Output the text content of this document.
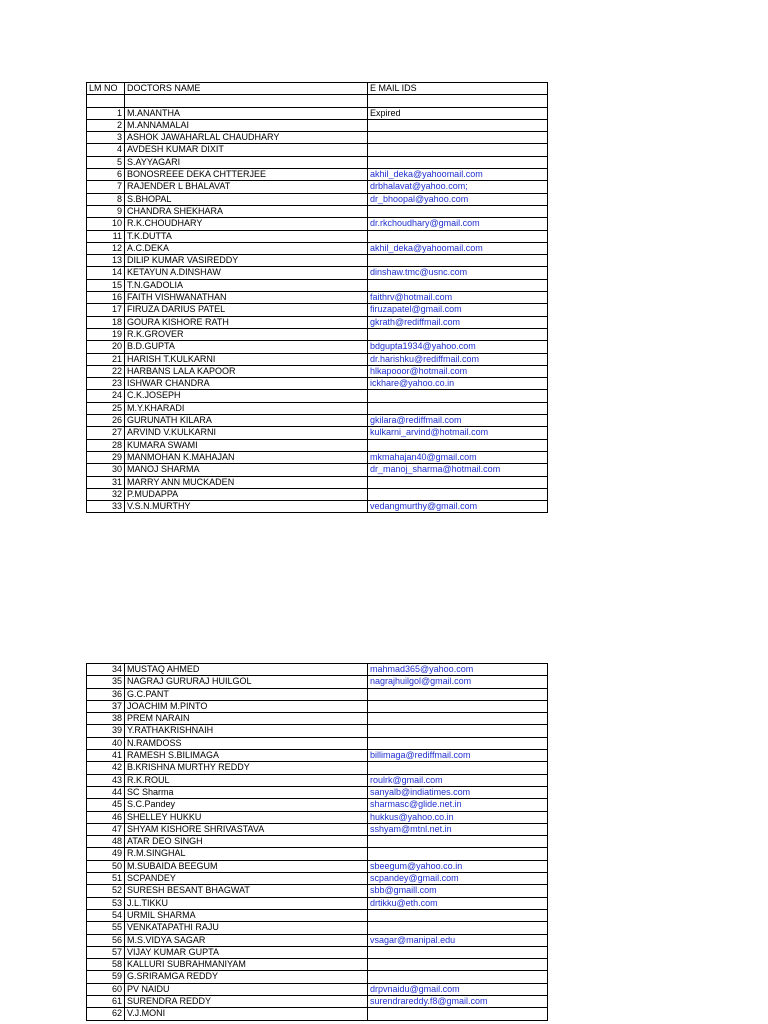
LM NO	DOCTORS NAME	E MAIL IDS

1	M.ANANTHA	Expired
2	M.ANNAMALAI	
3	ASHOK JAWAHARLAL CHAUDHARY	
4	AVDESH KUMAR DIXIT	
5	S.AYYAGARI	
6	BONOSREEE DEKA CHTTERJEE	akhil_deka@yahoomail.com
7	RAJENDER L BHALAVAT	drbhalavat@yahoo.com;
8	S.BHOPAL	dr_bhoopal@yahoo.com
9	CHANDRA SHEKHARA	
10	R.K.CHOUDHARY	dr.rkchoudhary@gmail.com
11	T.K.DUTTA	
12	A.C.DEKA	akhil_deka@yahoomail.com
13	DILIP KUMAR VASIREDDY	
14	KETAYUN A.DINSHAW	dinshaw.tmc@usnc.com
15	T.N.GADOLIA	
16	FAITH VISHWANATHAN	faithrv@hotmail.com
17	FIRUZA DARIUS PATEL	firuzapatel@gmail.com
18	GOURA KISHORE RATH	gkrath@rediffmail.com
19	R.K.GROVER	
20	B.D.GUPTA	bdgupta1934@yahoo.com
21	HARISH T.KULKARNI	dr.harishku@rediffmail.com
22	HARBANS LALA KAPOOR	hlkapooor@hotmail.com
23	ISHWAR CHANDRA	ickhare@yahoo.co.in
24	C.K.JOSEPH	
25	M.Y.KHARADI	
26	GURUNATH KILARA	gkilara@rediffmail.com
27	ARVIND V.KULKARNI	kulkarni_arvind@hotmail.com
28	KUMARA SWAMI	
29	MANMOHAN K.MAHAJAN	mkmahajan40@gmail.com
30	MANOJ SHARMA	dr_manoj_sharma@hotmail.com
31	MARRY ANN MUCKADEN	
32	P.MUDAPPA	
33	V.S.N.MURTHY	vedangmurthy@gmail.com
34	MUSTAQ AHMED	mahmad365@yahoo.com
35	NAGRAJ GURURAJ HUILGOL	nagrajhuilgol@gmail.com
36	G.C.PANT	
37	JOACHIM M.PINTO	
38	PREM NARAIN	
39	Y.RATHAKRISHNAIH	
40	N.RAMDOSS	
41	RAMESH S.BILIMAGA	billimaga@rediffmail.com
42	B.KRISHNA MURTHY REDDY	
43	R.K.ROUL	roulrk@gmail.com
44	SC Sharma	sanyalb@indiatimes.com
45	S.C.Pandey	sharmasc@glide.net.in
46	SHELLEY HUKKU	hukkus@yahoo.co.in
47	SHYAM KISHORE SHRIVASTAVA	sshyam@mtnl.net.in
48	ATAR DEO SINGH	
49	R.M.SINGHAL	
50	M.SUBAIDA BEEGUM	sbeegum@yahoo.co.in
51	SCPANDEY	scpandey@gmail.com
52	SURESH BESANT BHAGWAT	sbb@gmaill.com
53	J.L.TIKKU	drtikku@eth.com
54	URMIL SHARMA	
55	VENKATAPATHI RAJU	
56	M.S.VIDYA SAGAR	vsagar@manipal.edu
57	VIJAY KUMAR GUPTA	
58	KALLURI SUBRAHMANIYAM	
59	G.SRIRAMGA REDDY	
60	PV NAIDU	drpvnaidu@gmail.com
61	SURENDRA REDDY	surendrareddy.f8@gmail.com
62	V.J.MONI	
